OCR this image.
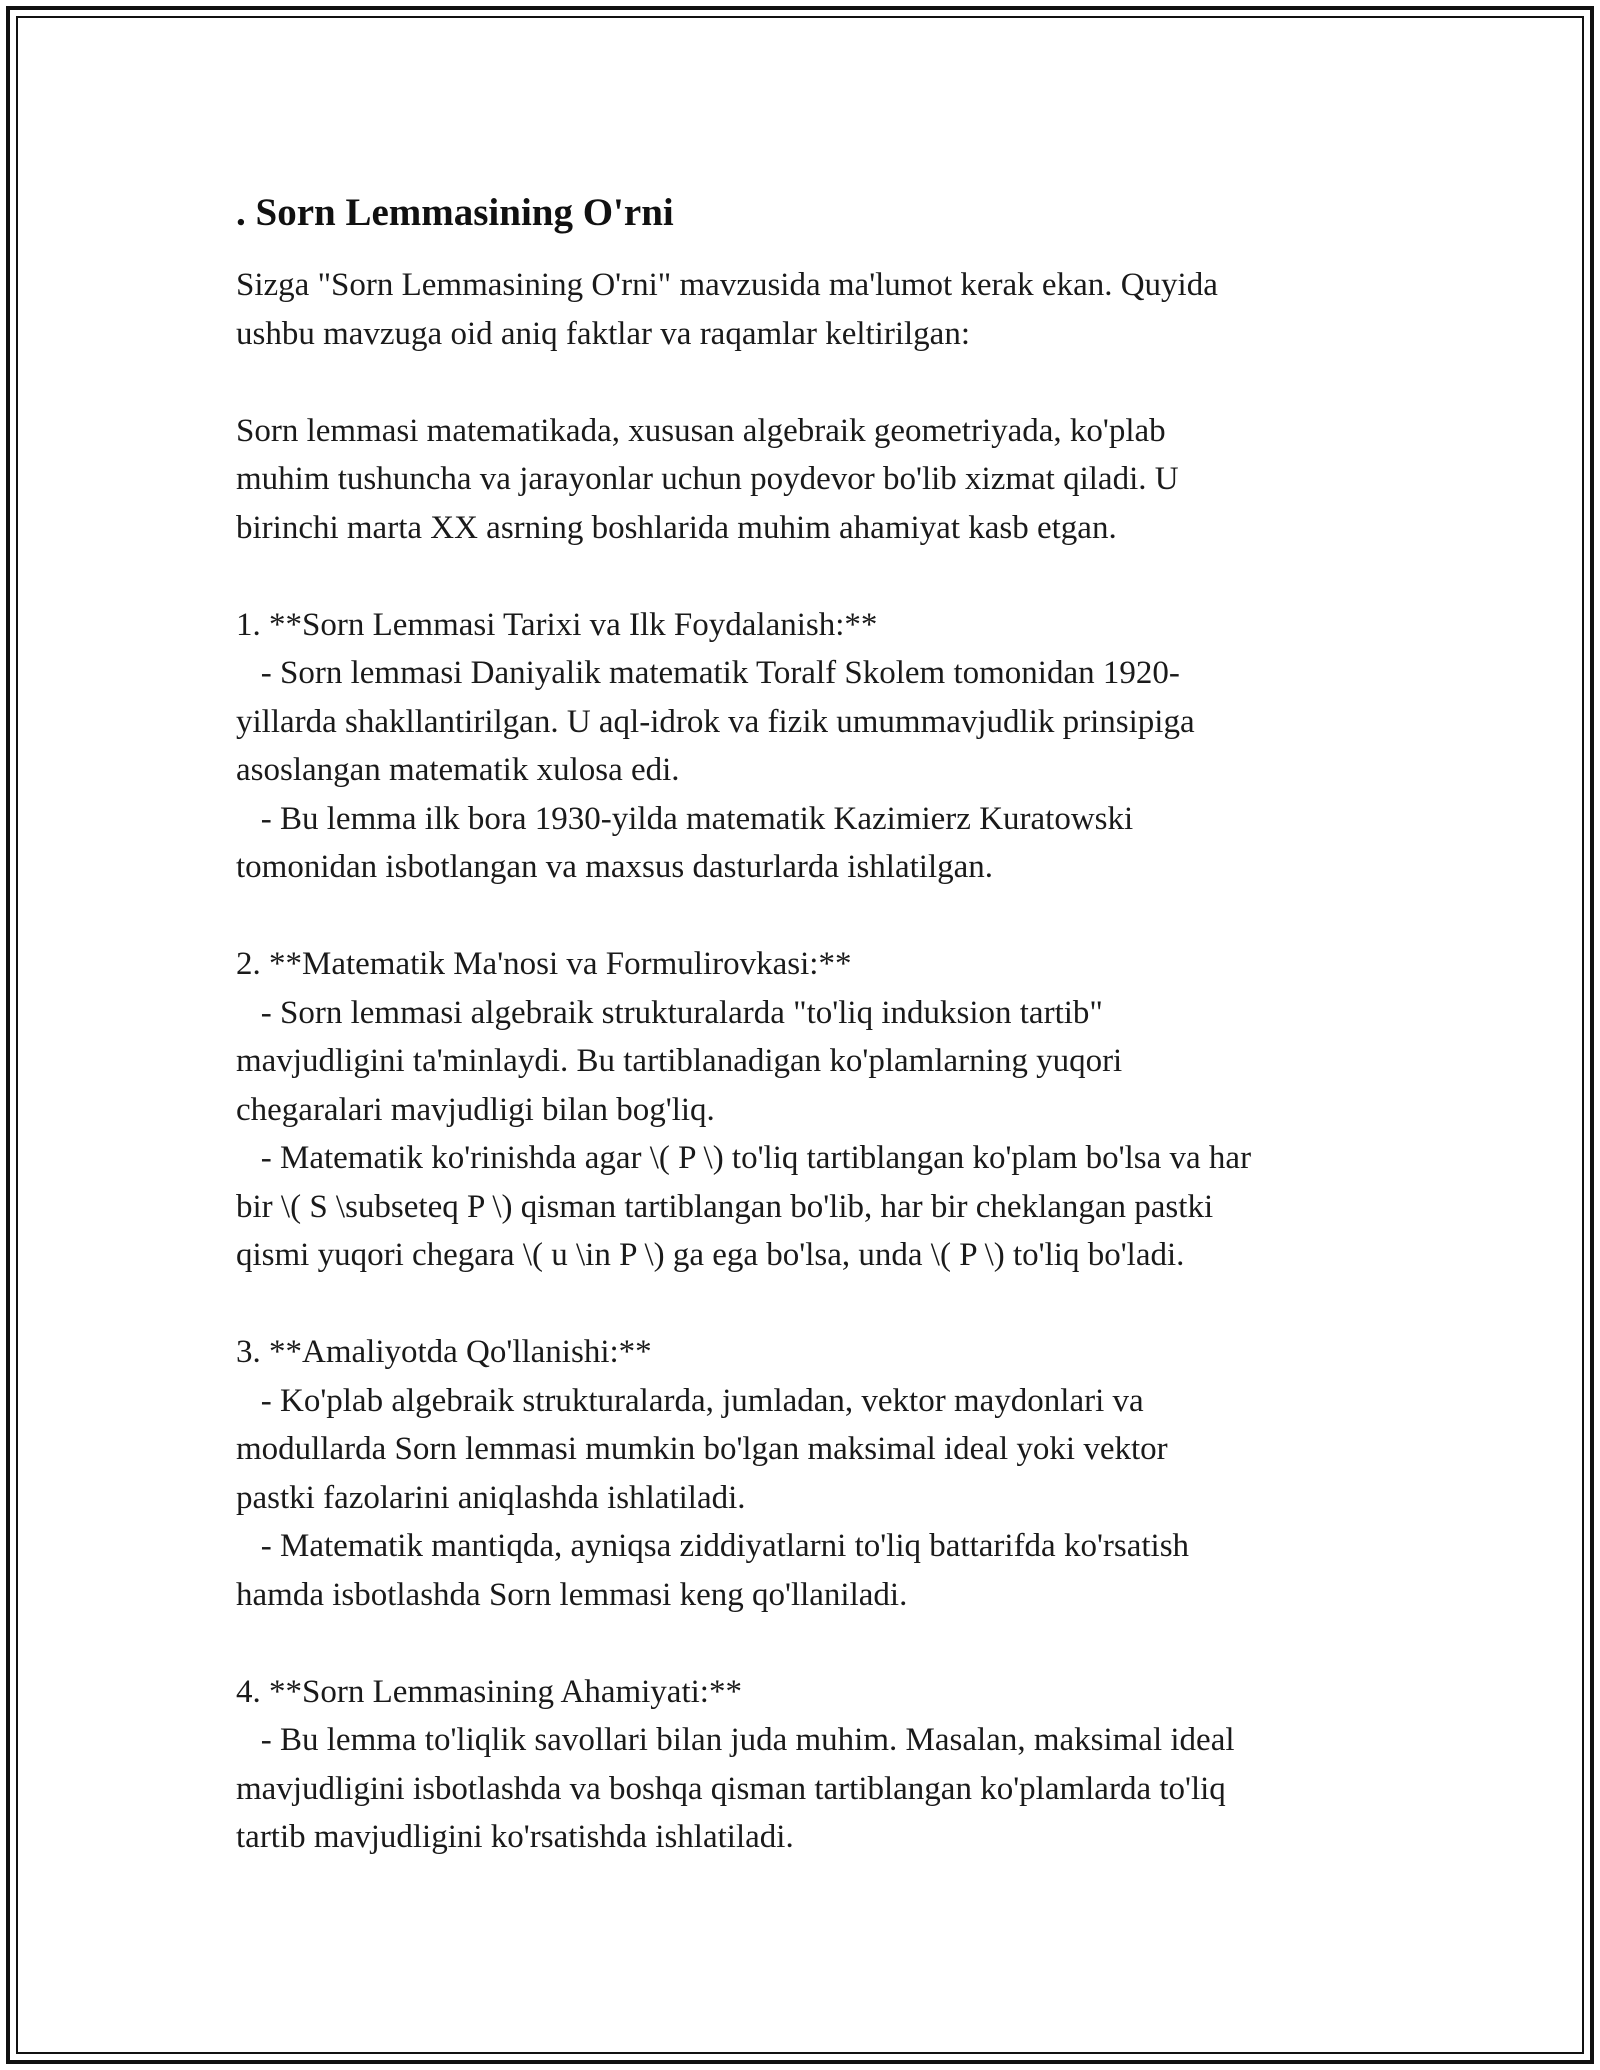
. Sorn Lemmasining O'rni

Sizga "Sorn Lemmasining O'rni" mavzusida ma'lumot kerak ekan. Quyida
ushbu mavzuga oid aniq faktlar va raqamlar keltirilgan:

Sorn lemmasi matematikada, xususan algebraik geometriyada, ko'plab
muhim tushuncha va jarayonlar uchun poydevor bo'lib xizmat qiladi. U
birinchi marta XX asrning boshlarida muhim ahamiyat kasb etgan.

1. **Sorn Lemmasi Tarixi va Ilk Foydalanish:**

- Sorn lemmasi Daniyalik matematik Toralf Skolem tomonidan 1920-
yillarda shakllantirilgan. U aql-idrok va fizik umummavjudlik prinsipiga
asoslangan matematik xulosa edi.
- Bu lemma ilk bora 1930-yilda matematik Kazimierz Kuratowski
tomonidan isbotlangan va maxsus dasturlarda ishlatilgan.

2. **Matematik Ma'nosi va Formulirovkasi:**

- Sorn lemmasi algebraik strukturalarda "to'liq induksion tartib"
mavjudligini ta'minlaydi. Bu tartiblanadigan ko'plamlarning yuqori
chegaralari mavjudligi bilan bog'liq.
- Matematik ko'rinishda agar \( P \) to'liq tartiblangan ko'plam bo'lsa va har
bir \( S \subseteq P \) qisman tartiblangan bo'lib, har bir cheklangan pastki
qismi yuqori chegara \( u \in P \) ga ega bo'lsa, unda \( P \) to'liq bo'ladi.

3. **Amaliyotda Qo'llanishi:**

- Ko'plab algebraik strukturalarda, jumladan, vektor maydonlari va
modullarda Sorn lemmasi mumkin bo'lgan maksimal ideal yoki vektor
pastki fazolarini aniqlashda ishlatiladi.
- Matematik mantiqda, ayniqsa ziddiyatlarni to'liq battarifda ko'rsatish
hamda isbotlashda Sorn lemmasi keng qo'llaniladi.

4. **Sorn Lemmasining Ahamiyati:**

- Bu lemma to'liqlik savollari bilan juda muhim. Masalan, maksimal ideal
mavjudligini isbotlashda va boshqa qisman tartiblangan ko'plamlarda to'liq
tartib mavjudligini ko'rsatishda ishlatiladi.
